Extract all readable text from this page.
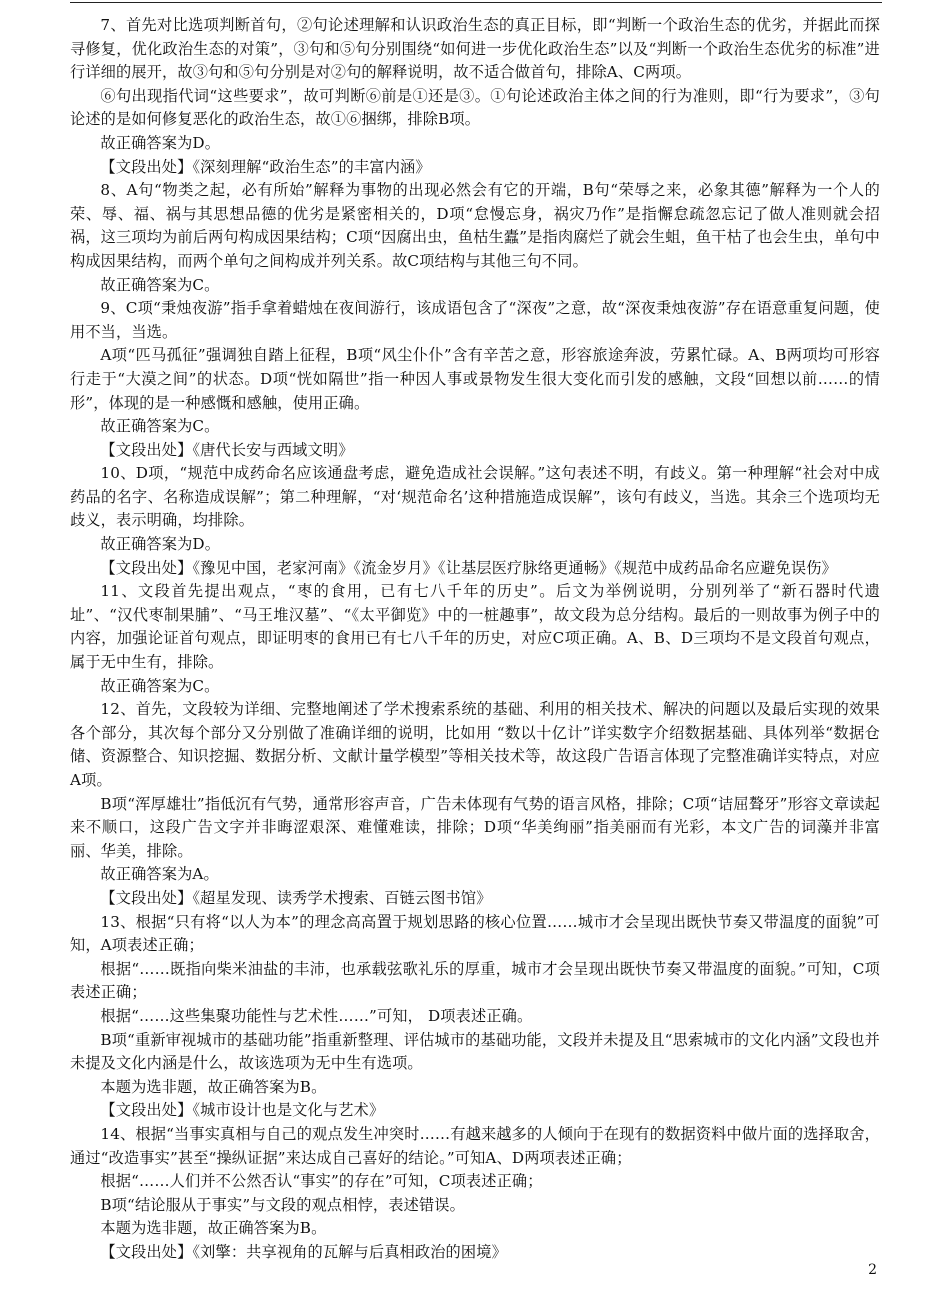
7、首先对比选项判断首句，②句论述理解和认识政治生态的真正目标，即“判断一个政治生态的优劣，并据此而探寻修复，优化政治生态的对策”，③句和⑤句分别围绕“如何进一步优化政治生态”以及“判断一个政治生态优劣的标准”进行详细的展开，故③句和⑤句分别是对②句的解释说明，故不适合做首句，排除A、C两项。

⑥句出现指代词“这些要求”，故可判断⑥前是①还是③。①句论述政治主体之间的行为准则，即“行为要求”，③句论述的是如何修复恶化的政治生态，故①⑥捆绑，排除B项。

故正确答案为D。

【文段出处】《深刻理解“政治生态”的丰富内涵》

8、A句“物类之起，必有所始”解释为事物的出现必然会有它的开端，B句“荣辱之来，必象其德”解释为一个人的荣、辱、福、祸与其思想品德的优劣是紧密相关的，D项“怠慢忘身，祸灾乃作”是指懈怠疏忽忘记了做人准则就会招祸，这三项均为前后两句构成因果结构；C项“因腐出虫，鱼枯生蠹”是指肉腐烂了就会生蛆，鱼干枯了也会生虫，单句中构成因果结构，而两个单句之间构成并列关系。故C项结构与其他三句不同。

故正确答案为C。

9、C项“秉烛夜游”指手拿着蜡烛在夜间游行，该成语包含了“深夜”之意，故“深夜秉烛夜游”存在语意重复问题，使用不当，当选。

A项“匹马孤征”强调独自踏上征程，B项“风尘仆仆”含有辛苦之意，形容旅途奔波，劳累忙碌。A、B两项均可形容行走于“大漠之间”的状态。D项“恍如隔世”指一种因人事或景物发生很大变化而引发的感触，文段“回想以前……的情形”，体现的是一种感慨和感触，使用正确。

故正确答案为C。

【文段出处】《唐代长安与西域文明》

10、D项，“规范中成药命名应该通盘考虑，避免造成社会误解。”这句表述不明，有歧义。第一种理解“社会对中成药品的名字、名称造成误解”；第二种理解，“对‘规范命名’这种措施造成误解”，该句有歧义，当选。其余三个选项均无歧义，表示明确，均排除。

故正确答案为D。

【文段出处】《豫见中国，老家河南》《流金岁月》《让基层医疗脉络更通畅》《规范中成药品命名应避免误伤》

11、文段首先提出观点，“枣的食用，已有七八千年的历史”。后文为举例说明，分别列举了“新石器时代遗址”、“汉代枣制果脯”、“马王堆汉墓”、“《太平御览》中的一桩趣事”，故文段为总分结构。最后的一则故事为例子中的内容，加强论证首句观点，即证明枣的食用已有七八千年的历史，对应C项正确。A、B、D三项均不是文段首句观点，属于无中生有，排除。

故正确答案为C。

12、首先，文段较为详细、完整地阐述了学术搜索系统的基础、利用的相关技术、解决的问题以及最后实现的效果各个部分，其次每个部分又分别做了准确详细的说明，比如用 “数以十亿计”详实数字介绍数据基础、具体列举“数据仓储、资源整合、知识挖掘、数据分析、文献计量学模型”等相关技术等，故这段广告语言体现了完整准确详实特点，对应A项。

B项“浑厚雄壮”指低沉有气势，通常形容声音，广告未体现有气势的语言风格，排除；C项“诘屈聱牙”形容文章读起来不顺口，这段广告文字并非晦涩艰深、难懂难读，排除；D项“华美绚丽”指美丽而有光彩，本文广告的词藻并非富丽、华美，排除。

故正确答案为A。

【文段出处】《超星发现、读秀学术搜索、百链云图书馆》

13、根据“只有将“以人为本”的理念高高置于规划思路的核心位置……城市才会呈现出既快节奏又带温度的面貌”可知，A项表述正确；

根据“……既指向柴米油盐的丰沛，也承载弦歌礼乐的厚重，城市才会呈现出既快节奏又带温度的面貌。”可知，C项表述正确；

根据“……这些集聚功能性与艺术性……”可知， D项表述正确。

B项“重新审视城市的基础功能”指重新整理、评估城市的基础功能，文段并未提及且“思索城市的文化内涵”文段也并未提及文化内涵是什么，故该选项为无中生有选项。

本题为选非题，故正确答案为B。

【文段出处】《城市设计也是文化与艺术》

14、根据“当事实真相与自己的观点发生冲突时……有越来越多的人倾向于在现有的数据资料中做片面的选择取舍，通过“改造事实”甚至“操纵证据”来达成自己喜好的结论。”可知A、D两项表述正确；

根据“……人们并不公然否认“事实”的存在”可知，C项表述正确；

B项“结论服从于事实”与文段的观点相悖，表述错误。

本题为选非题，故正确答案为B。

【文段出处】《刘擎：共享视角的瓦解与后真相政治的困境》

2
